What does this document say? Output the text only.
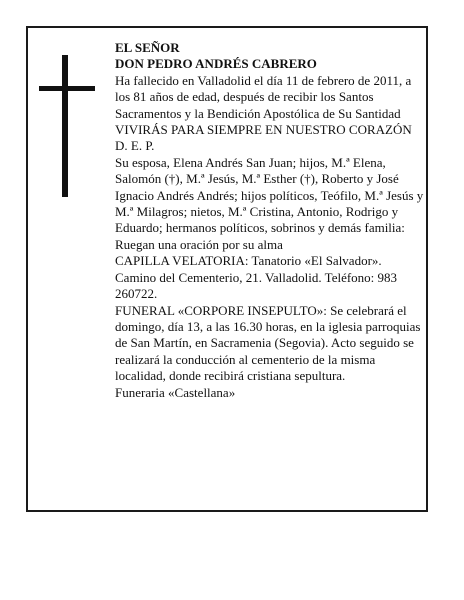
EL SEÑOR

DON PEDRO ANDRÉS CABRERO

Ha fallecido en Valladolid el día 11 de febrero de 2011, a los 81 años de edad, después de recibir los Santos Sacramentos y la Bendición Apostólica de Su Santidad

VIVIRÁS PARA SIEMPRE EN NUESTRO CORAZÓN

D. E. P.

Su esposa, Elena Andrés San Juan; hijos, M.ª Elena, Salomón (†), M.ª Jesús, M.ª Esther (†), Roberto y José Ignacio Andrés Andrés; hijos políticos, Teófilo, M.ª Jesús y M.ª Milagros; nietos, M.ª Cristina, Antonio, Rodrigo y Eduardo; hermanos políticos, sobrinos y demás familia:

Ruegan una oración por su alma

CAPILLA VELATORIA: Tanatorio «El Salvador». Camino del Cementerio, 21. Valladolid. Teléfono: 983 260722.

FUNERAL «CORPORE INSEPULTO»: Se celebrará el domingo, día 13, a las 16.30 horas, en la iglesia parroquias de San Martín, en Sacramenia (Segovia). Acto seguido se realizará la conducción al cementerio de la misma localidad, donde recibirá cristiana sepultura.

Funeraria «Castellana»
